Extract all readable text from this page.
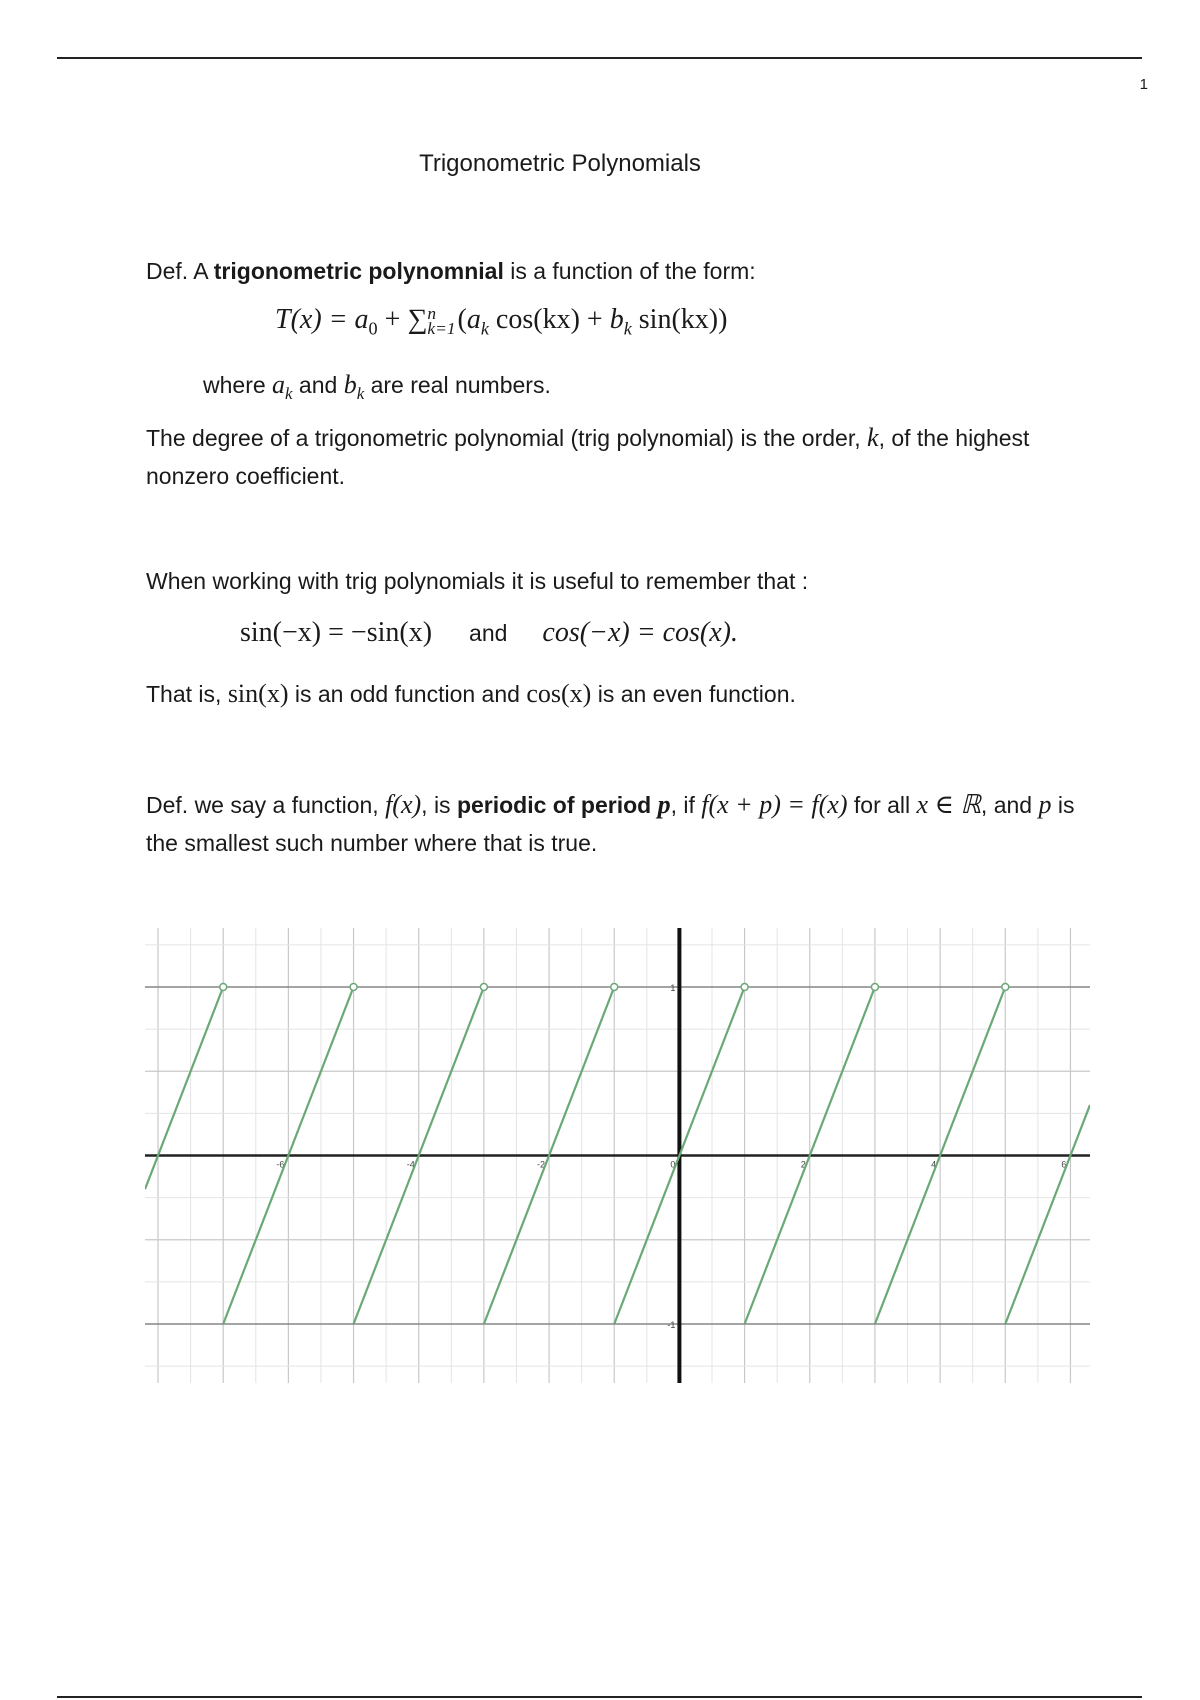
1
Trigonometric Polynomials
Def. A trigonometric polynomnial is a function of the form:
$T(x) = a_0$ + ∑ n
k=1 ($a_k$ $\cos(kx) + b_k$ sin(kx))
where $a_k$ and $b_k$ are real numbers.
The degree of a trigonometric polynomial (trig polynomial) is the order, k, of the highest nonzero coefficient.
When working with trig polynomials it is useful to remember that :
sin(−x) = −sin(x) and cos(−x) = cos(x).
That is, sin(x) is an odd function and cos(x) is an even function.
Def. we say a function, f(x), is periodic of period p, if f(x + p) = f(x) for all x ∈ ℝ, and p is the smallest such number where that is true.
1
-1
-6	-4	-2	0	2	4	6
